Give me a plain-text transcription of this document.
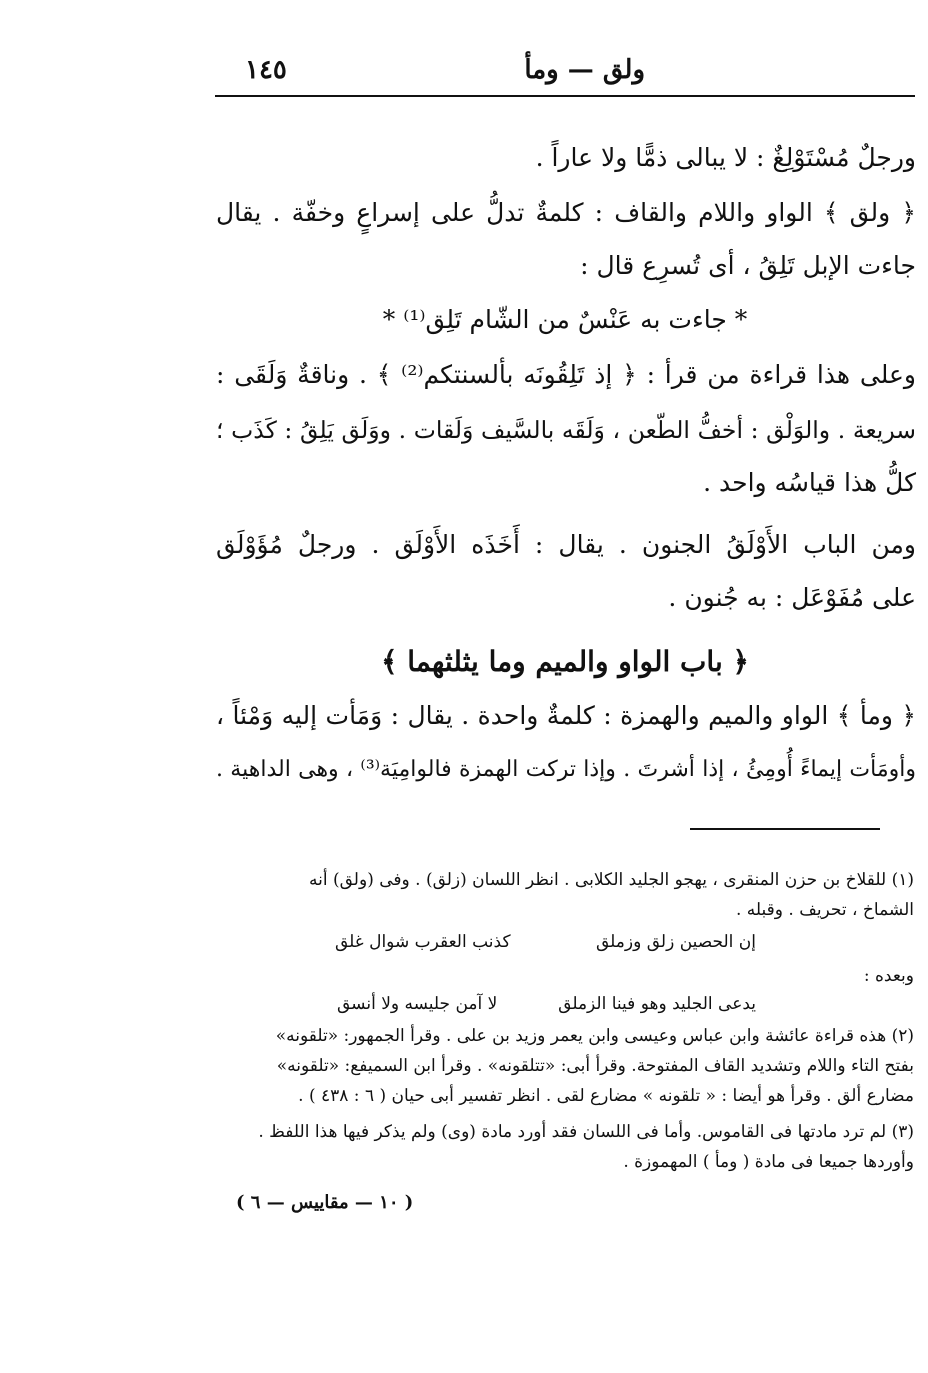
ولق — ومأ
١٤٥
ورجلٌ مُسْتَوْلِغٌ : لا يبالى ذمًّا ولا عاراً .
﴿ ولق ﴾ الواو واللام والقاف : كلمةٌ تدلُّ على إسراعٍ وخفّة . يقال
جاءت الإبل تَلِقُ ، أى تُسرِع قال :
* جاءت به عَنْسٌ من الشّام تَلِق⁽¹⁾ *
وعلى هذا قراءة من قرأ : ﴿ إذ تَلِقُونَه بألسنتكم⁽²⁾ ﴾ . وناقةٌ وَلَقَى :
سريعة . والوَلْق : أخفُّ الطّعن ، وَلَقَه بالسَّيف وَلَقات . ووَلَق يَلِقُ : كَذَب ؛
كلُّ هذا قياسُه واحد .
ومن الباب الأَوْلَقُ الجنون . يقال : أَخَذَه الأَوْلَق . ورجلٌ مُؤَوْلَق
على مُفَوْعَل : به جُنون .
﴿ باب الواو والميم وما يثلثهما ﴾
﴿ ومأ ﴾ الواو والميم والهمزة : كلمةٌ واحدة . يقال : وَمَأت إليه وَمْئاً ،
وأومَأت إيماءً أُومِئُ ، إذا أشرتَ . وإذا تركت الهمزة فالوامِيَة⁽³⁾ ، وهى الداهية .
(١) للقلاخ بن حزن المنقرى ، يهجو الجليد الكلابى . انظر اللسان (زلق) . وفى (ولق) أنه
الشماخ ، تحريف . وقبله .
إن الحصين زلق وزملق
كذنب العقرب شوال غلق
وبعده :
يدعى الجليد وهو فينا الزملق
لا آمن جليسه ولا أنسق
(٢) هذه قراءة عائشة وابن عباس وعيسى وابن يعمر وزيد بن على . وقرأ الجمهور: «تلقونه»
بفتح التاء واللام وتشديد القاف المفتوحة. وقرأ أبى: «تتلقونه» . وقرأ ابن السميفع: «تلقونه»
مضارع ألق . وقرأ هو أيضا : « تلقونه » مضارع لقى . انظر تفسير أبى حيان ( ٦ : ٤٣٨ ) .
(٣) لم ترد مادتها فى القاموس. وأما فى اللسان فقد أورد مادة (وى) ولم يذكر فيها هذا اللفظ .
وأوردها جميعا فى مادة ( ومأ ) المهموزة .
( ١٠ — مقاييس — ٦ )
